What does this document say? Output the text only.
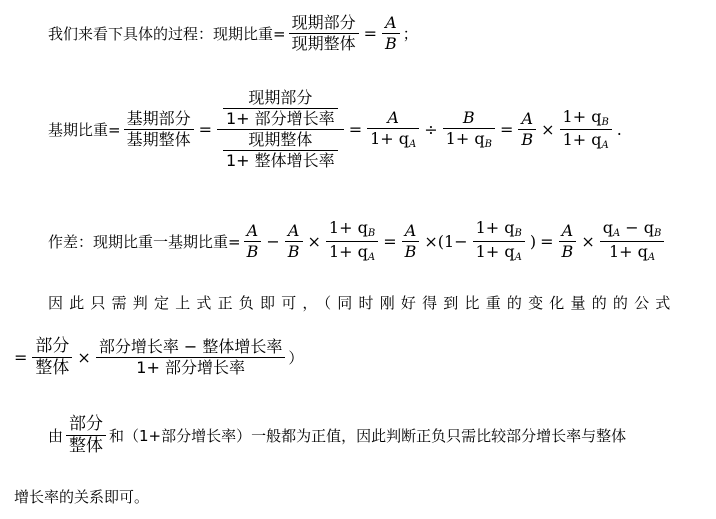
我们来看下具体的过程：现期比重= $\frac{\text{现期部分}}{\text{现期整体}} = \frac{A}{B}$ ；
基期比重= $\frac{\text{基期部分}}{\text{基期整体}} = \frac{\frac{\text{现期部分}}{\text{1+ 部分增长率}}}{\frac{\text{现期整体}}{\text{1+ 整体增长率}}} = \frac{A}{1+ q_A} \div \frac{B}{1+ q_B} = \frac{A}{B} \times \frac{1+ q_B}{1+ q_A}$ .
作差：现期比重一基期比重= $\frac{A}{B} - \frac{A}{B} \times \frac{1+ q_B}{1+ q_A} = \frac{A}{B} \times(1- \frac{1+ q_B}{1+ q_A}$ ) = $\frac{A}{B} \times \frac{q_A - q_B}{1+ q_A}$
因此只需判定上式正负即可，（同时刚好得到比重的变化量的的公式
= $\frac{\text{部分}}{\text{整体}} \times \frac{\text{部分增长率 − 整体增长率}}{\text{1+ 部分增长率}}$ ）
由 $\frac{\text{部分}}{\text{整体}}$ 和（1+部分增长率）一般都为正值，因此判断正负只需比较部分增长率与整体
增长率的关系即可。
